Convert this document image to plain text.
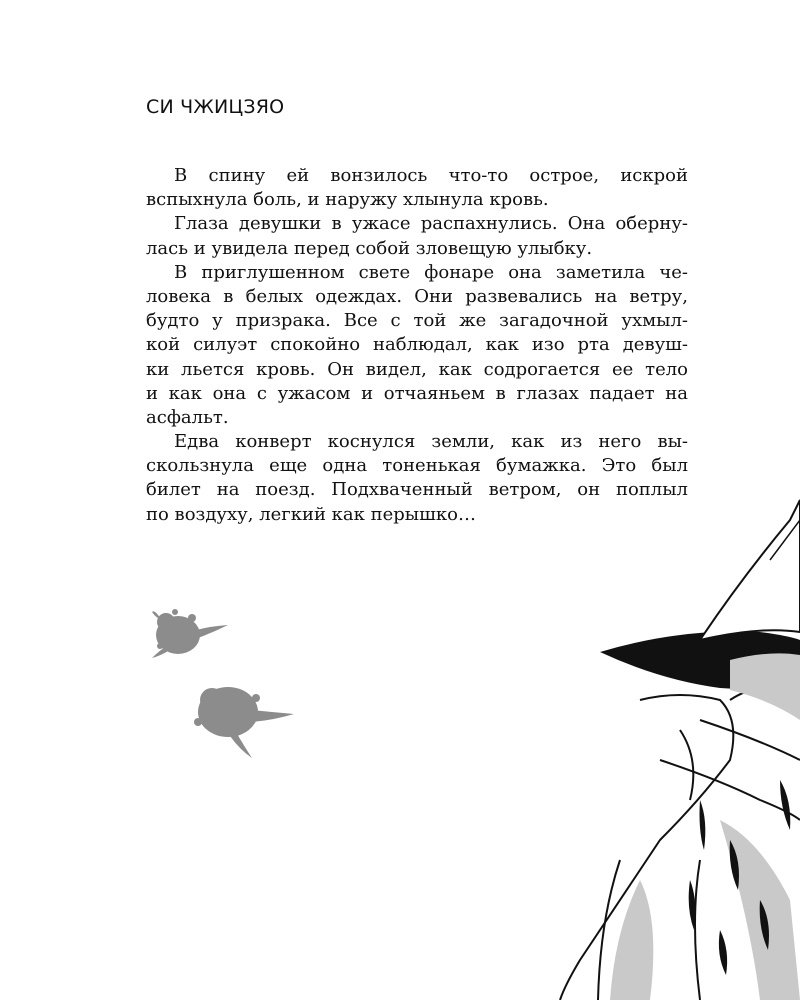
СИ ЧЖИЦЗЯО
В спину ей вонзилось что-то острое, искрой
вспыхнула боль, и наружу хлынула кровь.
Глаза девушки в ужасе распахнулись. Она оберну-
лась и увидела перед собой зловещую улыбку.
В приглушенном свете фонаре она заметила че-
ловека в белых одеждах. Они развевались на ветру,
будто у призрака. Все с той же загадочной ухмыл-
кой силуэт спокойно наблюдал, как изо рта девуш-
ки льется кровь. Он видел, как содрогается ее тело
и как она с ужасом и отчаяньем в глазах падает на
асфальт.
Едва конверт коснулся земли, как из него вы-
скользнула еще одна тоненькая бумажка. Это был
билет на поезд. Подхваченный ветром, он поплыл
по воздуху, легкий как перышко…
